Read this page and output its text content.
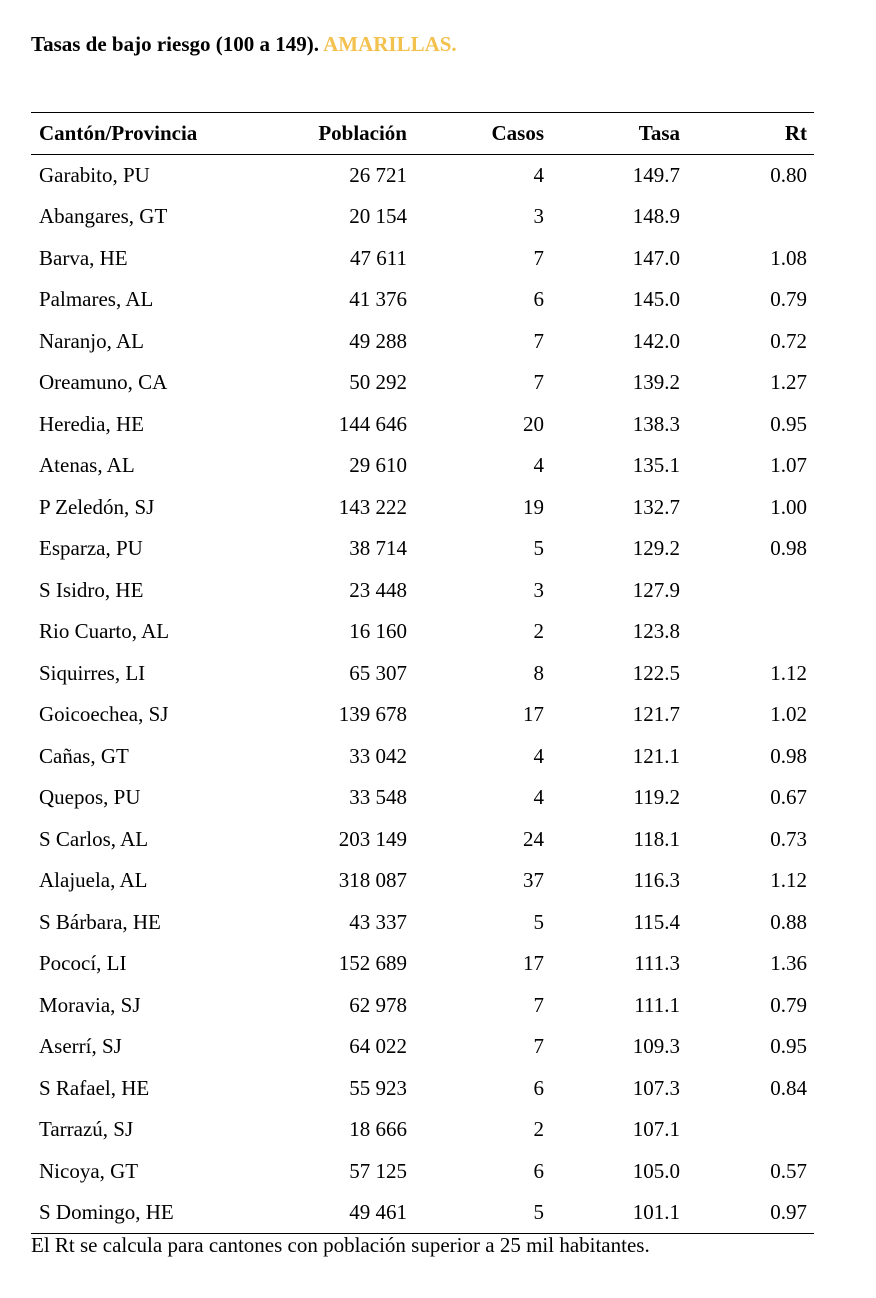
Tasas de bajo riesgo (100 a 149). AMARILLAS.
Cantón/Provincia	Población	Casos	Tasa	Rt
Garabito, PU	26 721	4	149.7	0.80
Abangares, GT	20 154	3	148.9	
Barva, HE	47 611	7	147.0	1.08
Palmares, AL	41 376	6	145.0	0.79
Naranjo, AL	49 288	7	142.0	0.72
Oreamuno, CA	50 292	7	139.2	1.27
Heredia, HE	144 646	20	138.3	0.95
Atenas, AL	29 610	4	135.1	1.07
P Zeledón, SJ	143 222	19	132.7	1.00
Esparza, PU	38 714	5	129.2	0.98
S Isidro, HE	23 448	3	127.9	
Rio Cuarto, AL	16 160	2	123.8	
Siquirres, LI	65 307	8	122.5	1.12
Goicoechea, SJ	139 678	17	121.7	1.02
Cañas, GT	33 042	4	121.1	0.98
Quepos, PU	33 548	4	119.2	0.67
S Carlos, AL	203 149	24	118.1	0.73
Alajuela, AL	318 087	37	116.3	1.12
S Bárbara, HE	43 337	5	115.4	0.88
Pococí, LI	152 689	17	111.3	1.36
Moravia, SJ	62 978	7	111.1	0.79
Aserrí, SJ	64 022	7	109.3	0.95
S Rafael, HE	55 923	6	107.3	0.84
Tarrazú, SJ	18 666	2	107.1	
Nicoya, GT	57 125	6	105.0	0.57
S Domingo, HE	49 461	5	101.1	0.97
El Rt se calcula para cantones con población superior a 25 mil habitantes.
